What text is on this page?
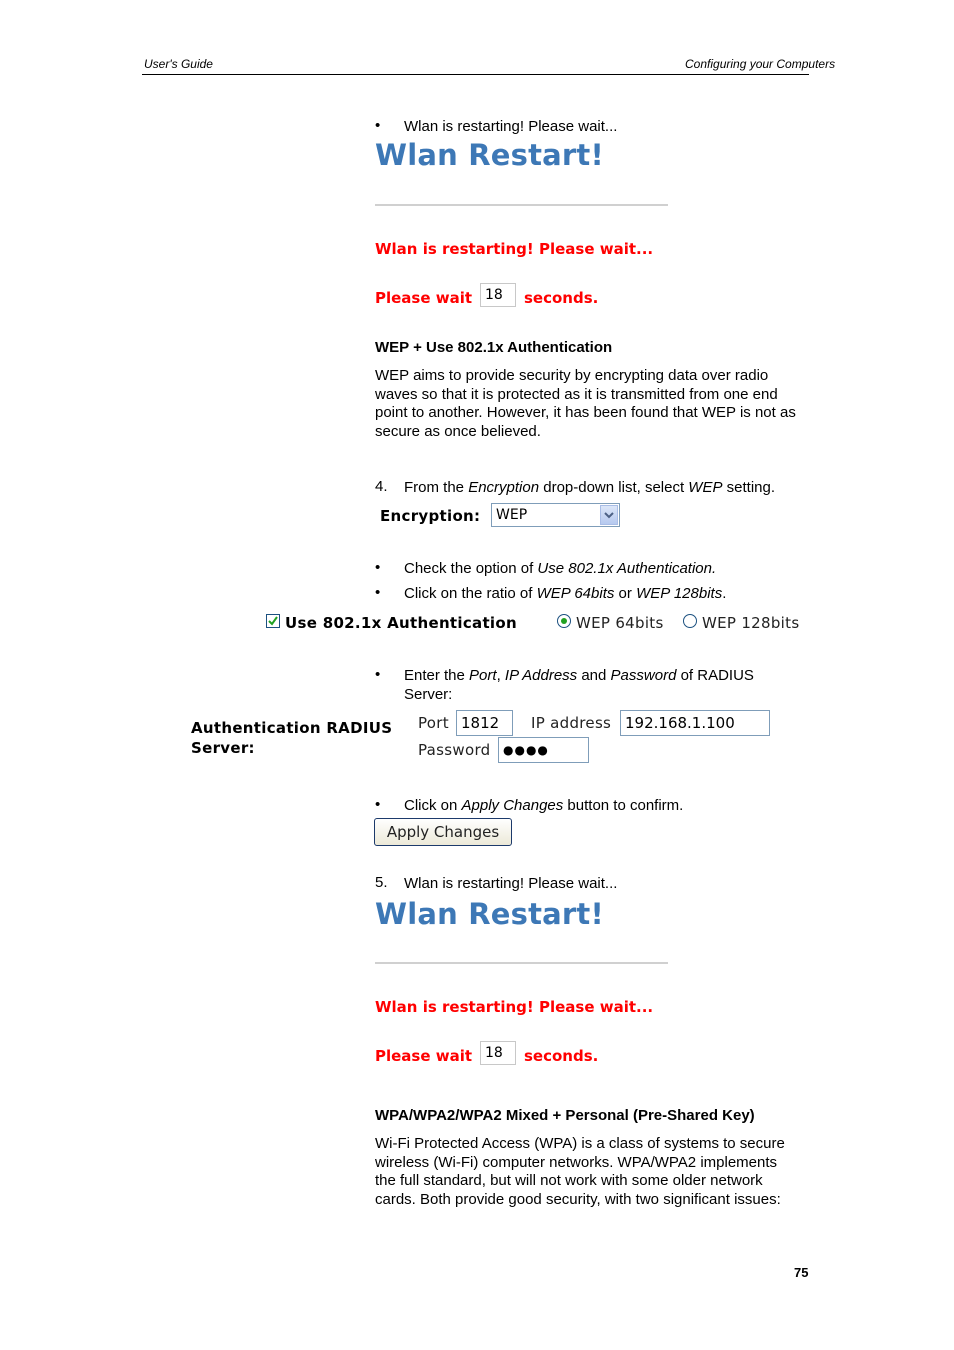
User's Guide	Configuring your Computers
• Wlan is restarting! Please wait...
Wlan Restart!
Wlan is restarting! Please wait...
Please wait 18	seconds.
WEP + Use 802.1x Authentication
WEP aims to provide security by encrypting data over radio
waves so that it is protected as it is transmitted from one end
point to another. However, it has been found that WEP is not as
secure as once believed.
4. From the Encryption drop-down list, select WEP setting.
Encryption:	WEP
• Check the option of Use 802.1x Authentication.
• Click on the ratio of WEP 64bits or WEP 128bits.
Use 802.1x Authentication	WEP 64bits	WEP 128bits
• Enter the Port, IP Address and Password of RADIUS
Server:
Authentication RADIUS
Server:
Port 1812	IP address 192.168.1.100
Password	●●●●
• Click on Apply Changes button to confirm.
Apply Changes
5. Wlan is restarting! Please wait...
Wlan Restart!
Wlan is restarting! Please wait...
Please wait 18	seconds.
WPA/WPA2/WPA2 Mixed + Personal (Pre-Shared Key)
Wi-Fi Protected Access (WPA) is a class of systems to secure
wireless (Wi-Fi) computer networks. WPA/WPA2 implements
the full standard, but will not work with some older network
cards. Both provide good security, with two significant issues:
75
